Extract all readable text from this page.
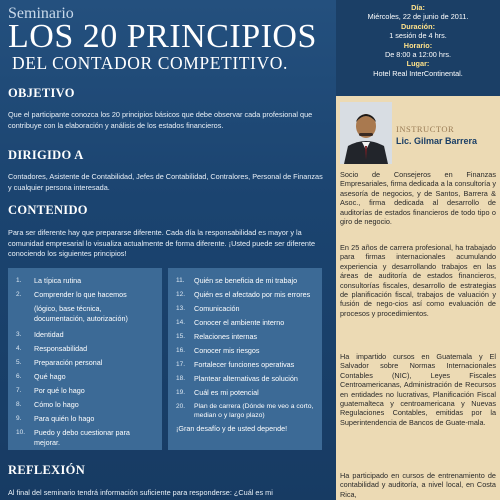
Seminario
LOS 20 PRINCIPIOS
DEL CONTADOR COMPETITIVO.
OBJETIVO
Que el participante conozca los 20 principios básicos que debe observar cada profesional que contribuye con la elaboración y análisis de los estados financieros.
DIRIGIDO A
Contadores, Asistente de Contabilidad, Jefes de Contabilidad, Contralores, Personal de Finanzas y cualquier persona interesada.
CONTENIDO
Para ser diferente hay que prepararse diferente. Cada día la responsabilidad es mayor y la comunidad empresarial lo visualiza actualmente de forma diferente. ¡Usted puede ser diferente conociendo los siguientes principios!
1. La típica rutina
2. Comprender lo que hacemos
(lógico, base técnica, documentación, autorización)
3. Identidad
4. Responsabilidad
5. Preparación personal
6. Qué hago
7. Por qué lo hago
8. Cómo lo hago
9. Para quién lo hago
10. Puedo y debo cuestionar para mejorar.
11. Quién se beneficia de mi trabajo
12. Quién es el afectado por mis errores
13. Comunicación
14. Conocer el ambiente interno
15. Relaciones internas
16. Conocer mis riesgos
17. Fortalecer funciones operativas
18. Plantear alternativas de solución
19. Cuál es mi potencial
20. Plan de carrera (Dónde me veo a corto, median o y largo plazo)
¡Gran desafío y de usted depende!
REFLEXIÓN
Al final del seminario tendrá información suficiente para responderse: ¿Cuál es mi
Día:
Miércoles, 22 de junio de 2011.
Duración:
1 sesión de 4 hrs.
Horario:
De 8:00 a 12:00 hrs.
Lugar:
Hotel Real InterContinental.
INSTRUCTOR
Lic. Gilmar Barrera
Socio de Consejeros en Finanzas Empresariales, firma dedicada a la consultoría y asesoría de negocios, y de Santos, Barrera & Asoc., firma dedicada al desarrollo de auditorías de estados financieros de todo tipo o giro de negocio.
En 25 años de carrera profesional, ha trabajado para firmas internacionales acumulando experiencia y desarrollando trabajos en las áreas de auditoría de estados financieros, consultorías fiscales, desarrollo de estrategias de planificación fiscal, trabajos de valuación y fusión de nego-cios así como evaluación de procesos y procedimientos.
Ha impartido cursos en Guatemala y El Salvador sobre Normas Internacionales Contables (NIC), Leyes Fiscales Centroamericanas, Administración de Recursos en entidades no lucrativas, Planificación Fiscal guatemalteca y centroamericana y Nuevas Regulaciones Contables, emitidas por la Superintendencia de Bancos de Guate-mala.
Ha participado en cursos de entrenamiento de contabilidad y auditoría, a nivel local, en Costa Rica,
